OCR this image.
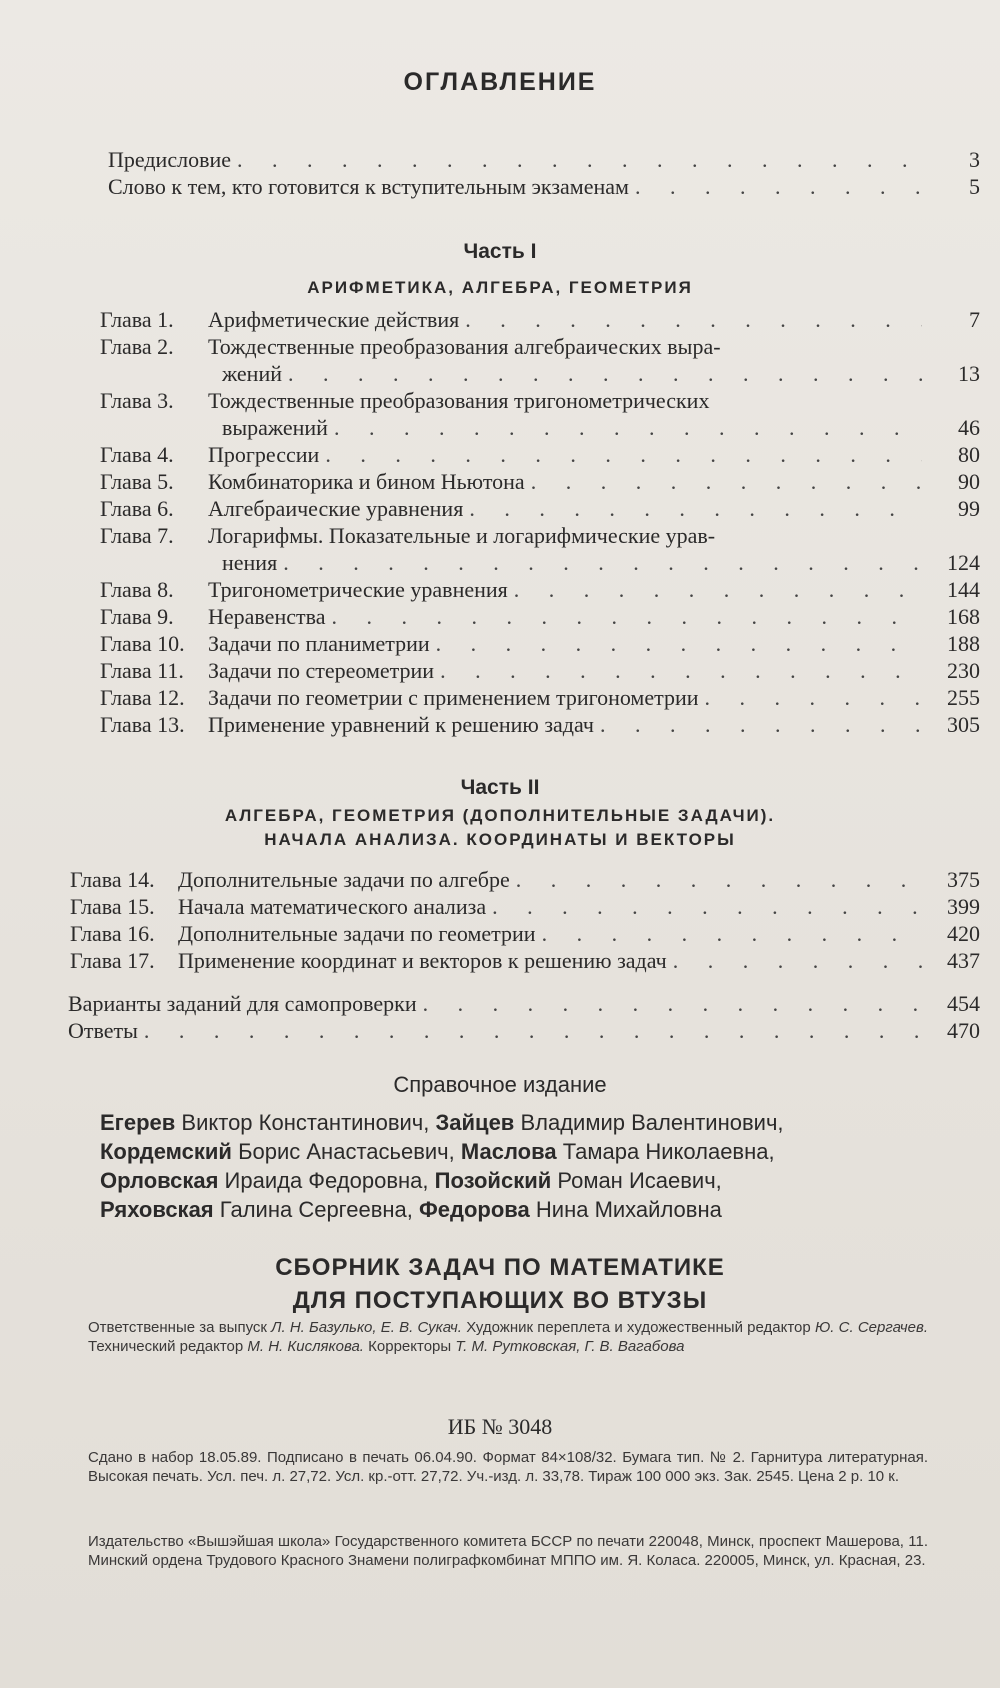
ОГЛАВЛЕНИЕ
Предисловие . . .	3
Слово к тем, кто готовится к вступительным экзаменам . . .	5
Часть I
АРИФМЕТИКА, АЛГЕБРА, ГЕОМЕТРИЯ
Глава 1. Арифметические действия . . .	7
Глава 2. Тождественные преобразования алгебраических выра-
жений . . .	13
Глава 3. Тождественные преобразования тригонометрических
выражений . . .	46
Глава 4. Прогрессии . . .	80
Глава 5. Комбинаторика и бином Ньютона . . .	90
Глава 6. Алгебраические уравнения . . .	99
Глава 7. Логарифмы. Показательные и логарифмические урав-
нения . . .	124
Глава 8. Тригонометрические уравнения . . .	144
Глава 9. Неравенства . . .	168
Глава 10. Задачи по планиметрии . . .	188
Глава 11. Задачи по стереометрии . . .	230
Глава 12. Задачи по геометрии с применением тригонометрии . . .	255
Глава 13. Применение уравнений к решению задач . . .	305
Часть II
АЛГЕБРА, ГЕОМЕТРИЯ (ДОПОЛНИТЕЛЬНЫЕ ЗАДАЧИ).
НАЧАЛА АНАЛИЗА. КООРДИНАТЫ И ВЕКТОРЫ
Глава 14. Дополнительные задачи по алгебре . . .	375
Глава 15. Начала математического анализа . . .	399
Глава 16. Дополнительные задачи по геометрии . . .	420
Глава 17. Применение координат и векторов к решению задач . . .	437
Варианты заданий для самопроверки . . .	454
Ответы . . .	470
Справочное издание
Егерев Виктор Константинович, Зайцев Владимир Валентинович,
Кордемский Борис Анастасьевич, Маслова Тамара Николаевна,
Орловская Ираида Федоровна, Позойский Роман Исаевич,
Ряховская Галина Сергеевна, Федорова Нина Михайловна
СБОРНИК ЗАДАЧ ПО МАТЕМАТИКЕ
ДЛЯ ПОСТУПАЮЩИХ ВО ВТУЗЫ
Ответственные за выпуск Л. Н. Базулько, Е. В. Сукач. Художник переплета и художественный редактор Ю. С. Сергачев. Технический редактор М. Н. Кислякова. Корректоры Т. М. Рутковская, Г. В. Вагабова
ИБ № 3048
Сдано в набор 18.05.89. Подписано в печать 06.04.90. Формат 84×108/32. Бумага тип. № 2. Гарнитура литературная. Высокая печать. Усл. печ. л. 27,72. Усл. кр.-отт. 27,72. Уч.-изд. л. 33,78. Тираж 100 000 экз. Зак. 2545. Цена 2 р. 10 к.
Издательство «Вышэйшая школа» Государственного комитета БССР по печати 220048, Минск, проспект Машерова, 11. Минский ордена Трудового Красного Знамени полиграфкомбинат МППО им. Я. Коласа. 220005, Минск, ул. Красная, 23.
